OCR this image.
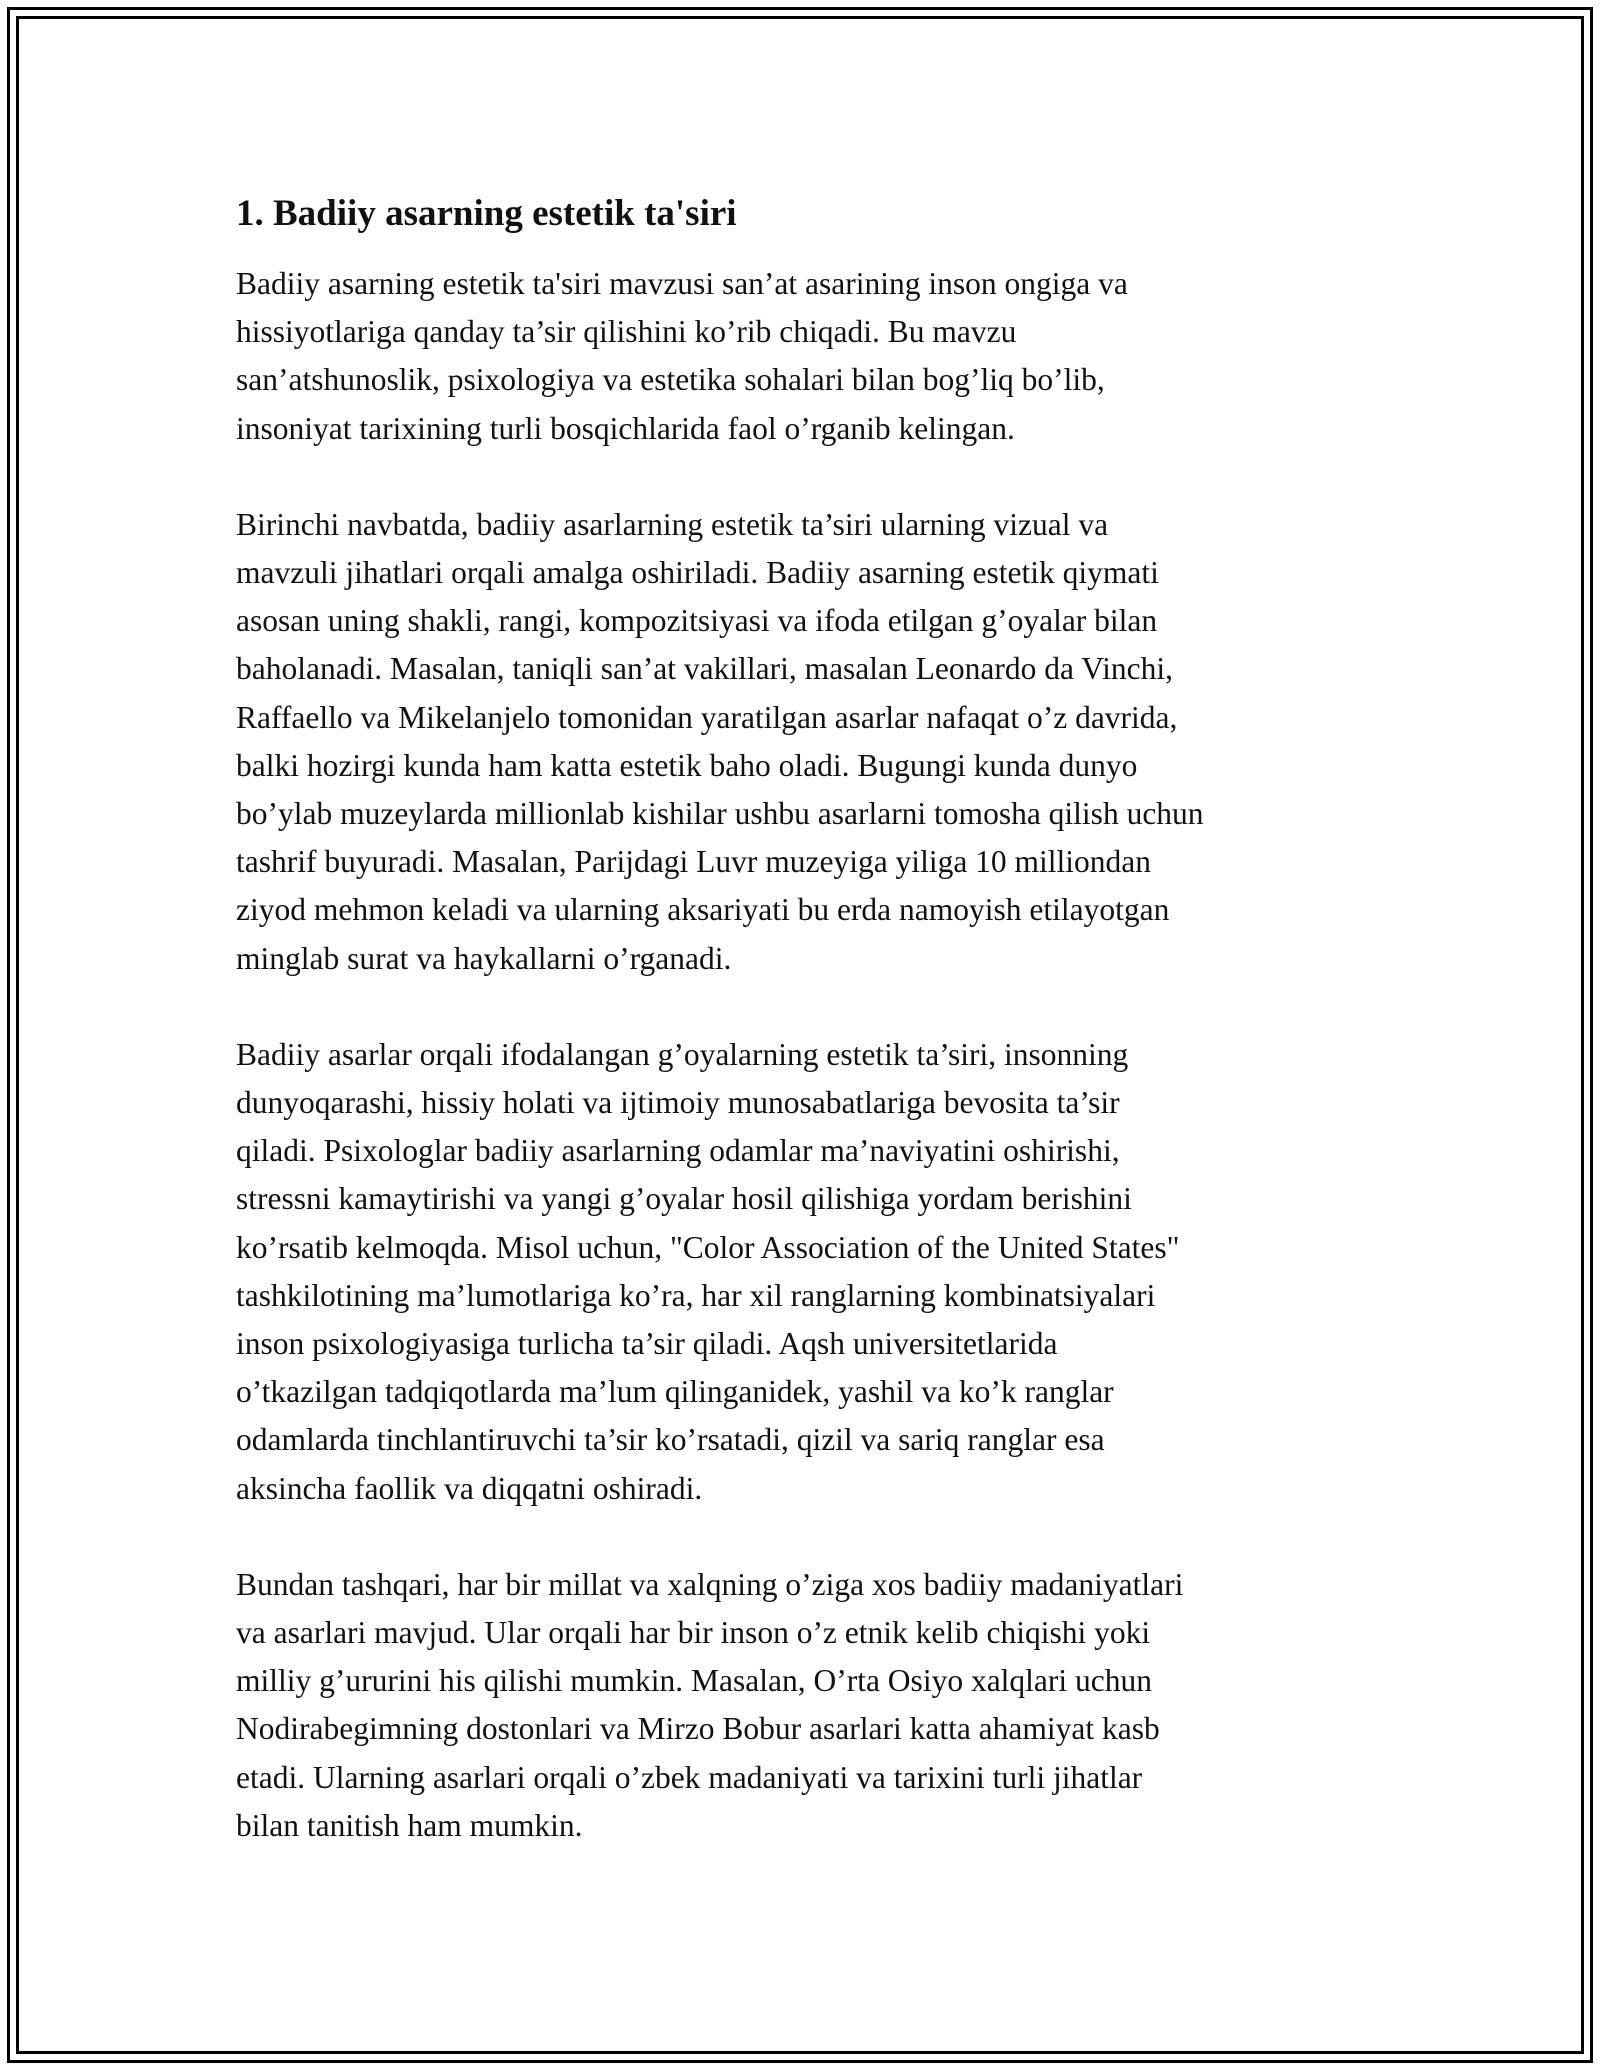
1. Badiiy asarning estetik ta'siri

Badiiy asarning estetik ta'siri mavzusi san’at asarining inson ongiga va
hissiyotlariga qanday ta’sir qilishini ko’rib chiqadi. Bu mavzu
san’atshunoslik, psixologiya va estetika sohalari bilan bog’liq bo’lib,
insoniyat tarixining turli bosqichlarida faol o’rganib kelingan.

Birinchi navbatda, badiiy asarlarning estetik ta’siri ularning vizual va
mavzuli jihatlari orqali amalga oshiriladi. Badiiy asarning estetik qiymati
asosan uning shakli, rangi, kompozitsiyasi va ifoda etilgan g’oyalar bilan
baholanadi. Masalan, taniqli san’at vakillari, masalan Leonardo da Vinchi,
Raffaello va Mikelanjelo tomonidan yaratilgan asarlar nafaqat o’z davrida,
balki hozirgi kunda ham katta estetik baho oladi. Bugungi kunda dunyo
bo’ylab muzeylarda millionlab kishilar ushbu asarlarni tomosha qilish uchun
tashrif buyuradi. Masalan, Parijdagi Luvr muzeyiga yiliga 10 milliondan
ziyod mehmon keladi va ularning aksariyati bu erda namoyish etilayotgan
minglab surat va haykallarni o’rganadi.

Badiiy asarlar orqali ifodalangan g’oyalarning estetik ta’siri, insonning
dunyoqarashi, hissiy holati va ijtimoiy munosabatlariga bevosita ta’sir
qiladi. Psixologlar badiiy asarlarning odamlar ma’naviyatini oshirishi,
stressni kamaytirishi va yangi g’oyalar hosil qilishiga yordam berishini
ko’rsatib kelmoqda. Misol uchun, "Color Association of the United States"
tashkilotining ma’lumotlariga ko’ra, har xil ranglarning kombinatsiyalari
inson psixologiyasiga turlicha ta’sir qiladi. Aqsh universitetlarida
o’tkazilgan tadqiqotlarda ma’lum qilinganidek, yashil va ko’k ranglar
odamlarda tinchlantiruvchi ta’sir ko’rsatadi, qizil va sariq ranglar esa
aksincha faollik va diqqatni oshiradi.

Bundan tashqari, har bir millat va xalqning o’ziga xos badiiy madaniyatlari
va asarlari mavjud. Ular orqali har bir inson o’z etnik kelib chiqishi yoki
milliy g’ururini his qilishi mumkin. Masalan, O’rta Osiyo xalqlari uchun
Nodirabegimning dostonlari va Mirzo Bobur asarlari katta ahamiyat kasb
etadi. Ularning asarlari orqali o’zbek madaniyati va tarixini turli jihatlar
bilan tanitish ham mumkin.
